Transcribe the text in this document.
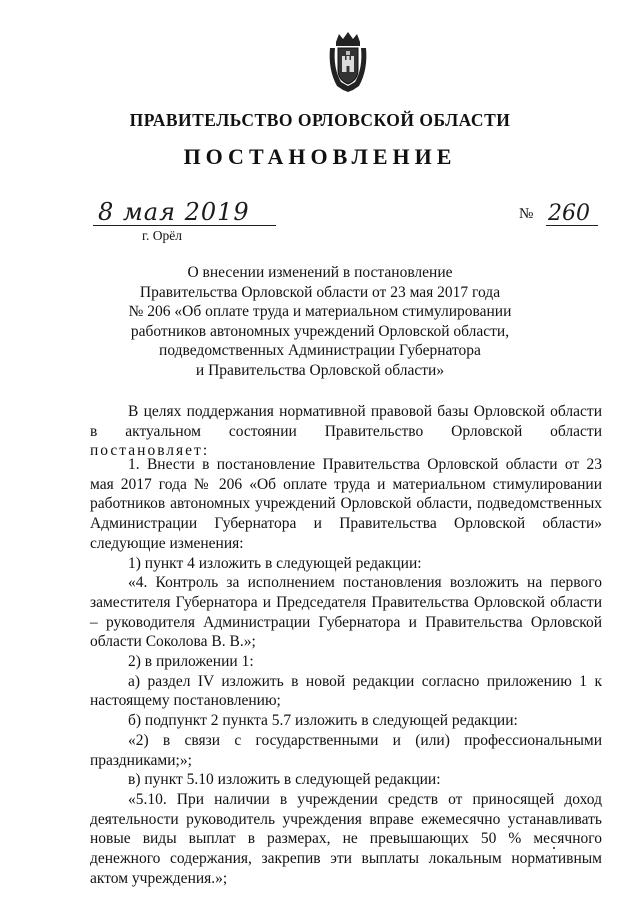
ПРАВИТЕЛЬСТВО ОРЛОВСКОЙ ОБЛАСТИ
ПОСТАНОВЛЕНИЕ
8 мая 2019
г. Орёл
№ 260
О внесении изменений в постановление
Правительства Орловской области от 23 мая 2017 года
№ 206 «Об оплате труда и материальном стимулировании
работников автономных учреждений Орловской области,
подведомственных Администрации Губернатора
и Правительства Орловской области»

В целях поддержания нормативной правовой базы Орловской области в актуальном состоянии Правительство Орловской области постановляет:

1. Внести в постановление Правительства Орловской области от 23 мая 2017 года № 206 «Об оплате труда и материальном стимулировании работников автономных учреждений Орловской области, подведомственных Администрации Губернатора и Правительства Орловской области» следующие изменения:

1) пункт 4 изложить в следующей редакции:

«4. Контроль за исполнением постановления возложить на первого заместителя Губернатора и Председателя Правительства Орловской области – руководителя Администрации Губернатора и Правительства Орловской области Соколова В. В.»;

2) в приложении 1:

а) раздел IV изложить в новой редакции согласно приложению 1 к настоящему постановлению;

б) подпункт 2 пункта 5.7 изложить в следующей редакции:

«2) в связи с государственными и (или) профессиональными праздниками;»;

в) пункт 5.10 изложить в следующей редакции:

«5.10. При наличии в учреждении средств от приносящей доход деятельности руководитель учреждения вправе ежемесячно устанавливать новые виды выплат в размерах, не превышающих 50 % месячного денежного содержания, закрепив эти выплаты локальным нормативным актом учреждения.»;
